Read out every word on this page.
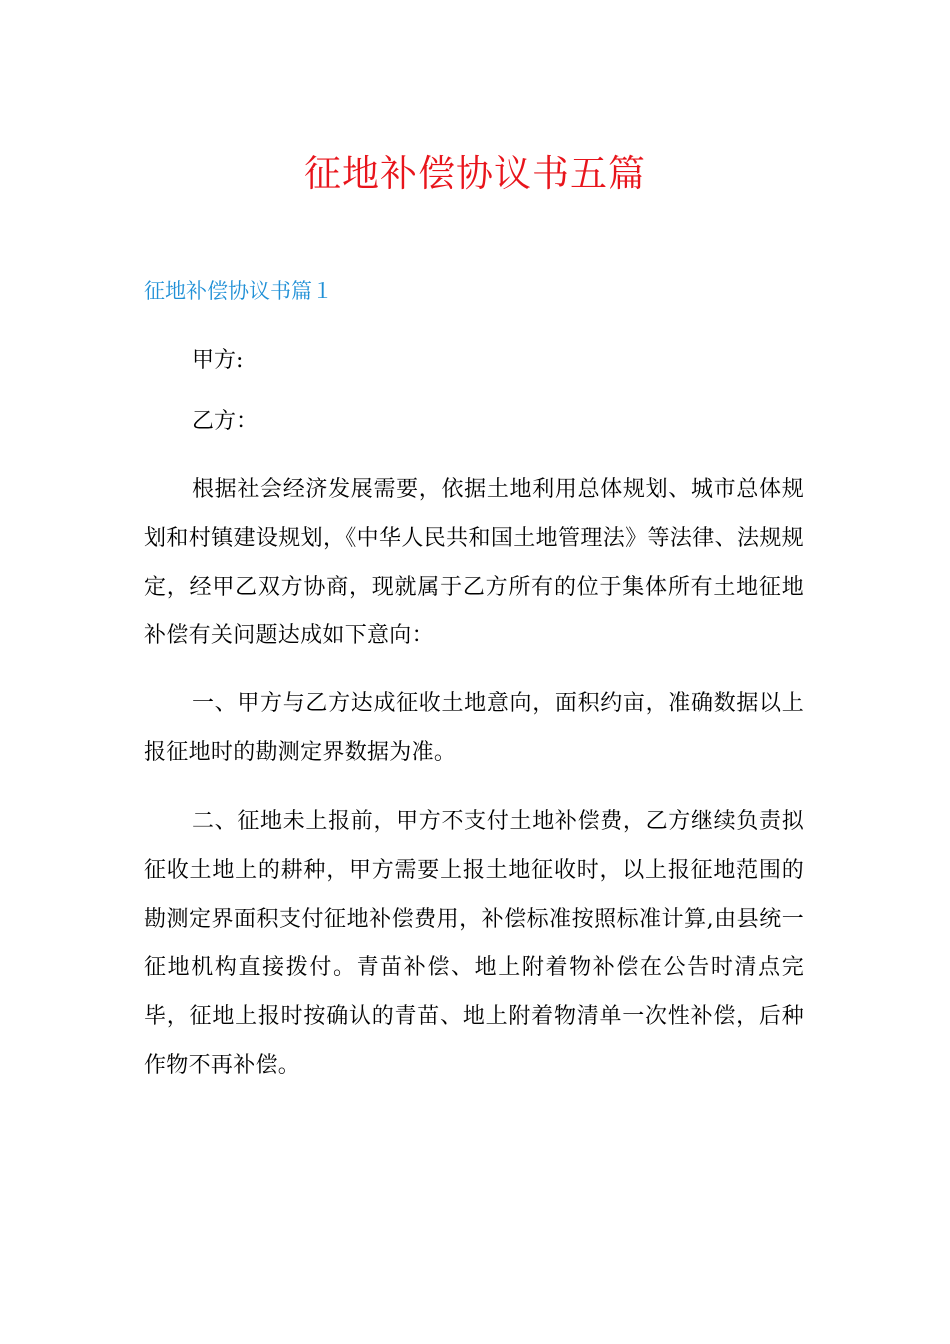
征地补偿协议书五篇
征地补偿协议书篇１
甲方:
乙方：

根据社会经济发展需要，依据土地利用总体规划、城市总体规划和村镇建设规划，《中华人民共和国土地管理法》等法律、法规规定，经甲乙双方协商，现就属于乙方所有的位于集体所有土地征地补偿有关问题达成如下意向：

一、甲方与乙方达成征收土地意向，面积约亩，准确数据以上报征地时的勘测定界数据为准。

二、征地未上报前，甲方不支付土地补偿费，乙方继续负责拟征收土地上的耕种，甲方需要上报土地征收时，以上报征地范围的勘测定界面积支付征地补偿费用，补偿标准按照标准计算,由县统一征地机构直接拨付。青苗补偿、地上附着物补偿在公告时清点完毕，征地上报时按确认的青苗、地上附着物清单一次性补偿，后种作物不再补偿。
